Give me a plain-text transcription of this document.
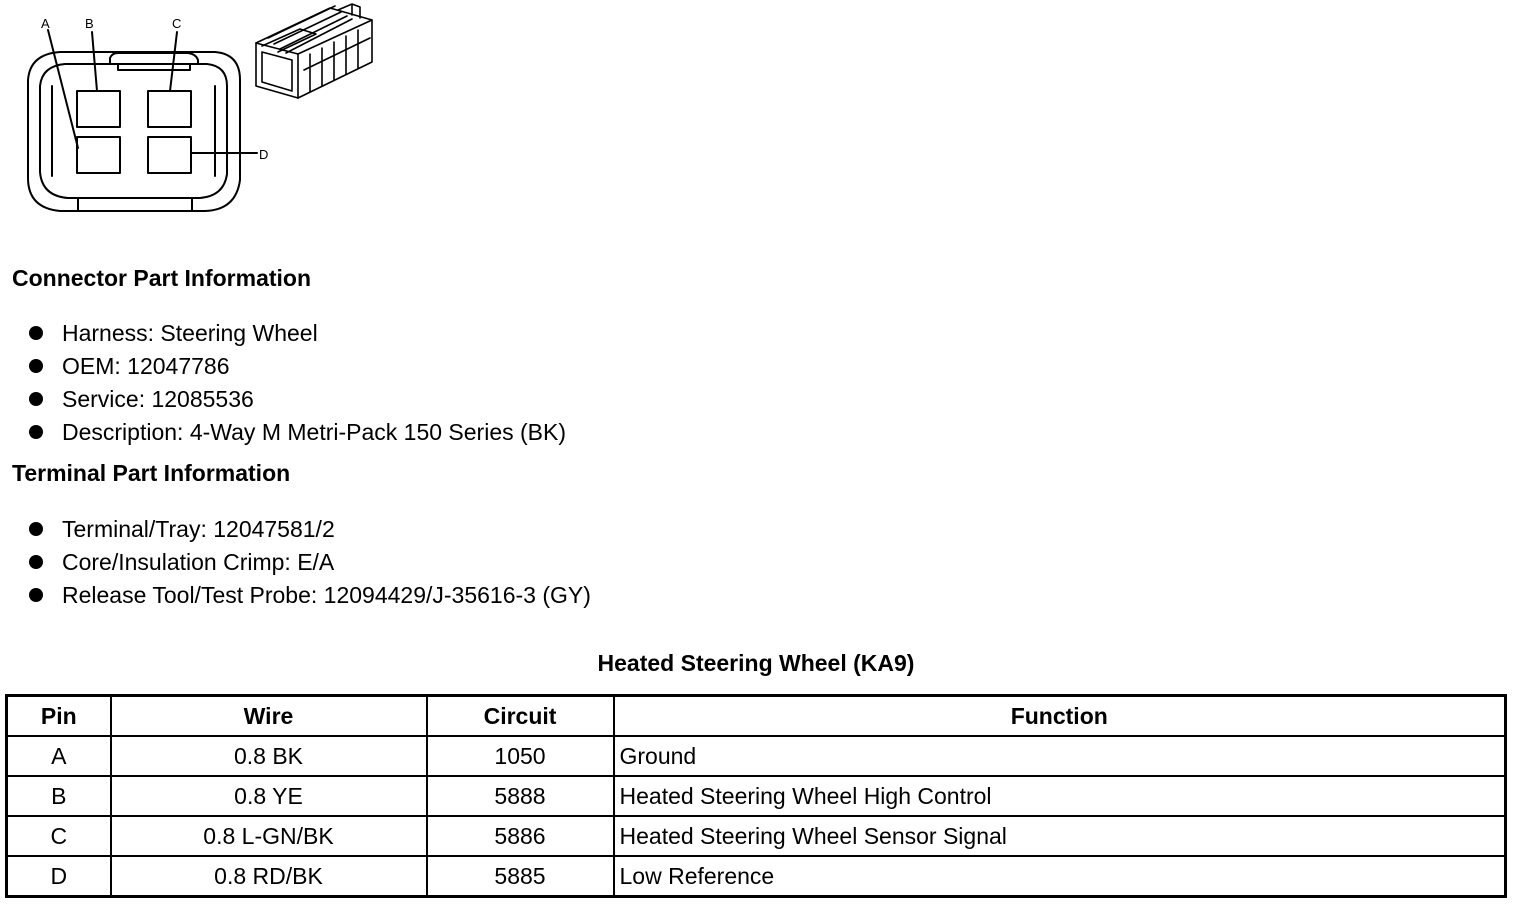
A	B	C
D
Connector Part Information
Harness: Steering Wheel
OEM: 12047786
Service: 12085536
Description: 4-Way M Metri-Pack 150 Series (BK)
Terminal Part Information
Terminal/Tray: 12047581/2
Core/Insulation Crimp: E/A
Release Tool/Test Probe: 12094429/J-35616-3 (GY)
Heated Steering Wheel (KA9)
Pin	Wire	Circuit	Function
A	0.8 BK	1050	Ground
B	0.8 YE	5888	Heated Steering Wheel High Control
C	0.8 L-GN/BK	5886	Heated Steering Wheel Sensor Signal
D	0.8 RD/BK	5885	Low Reference
